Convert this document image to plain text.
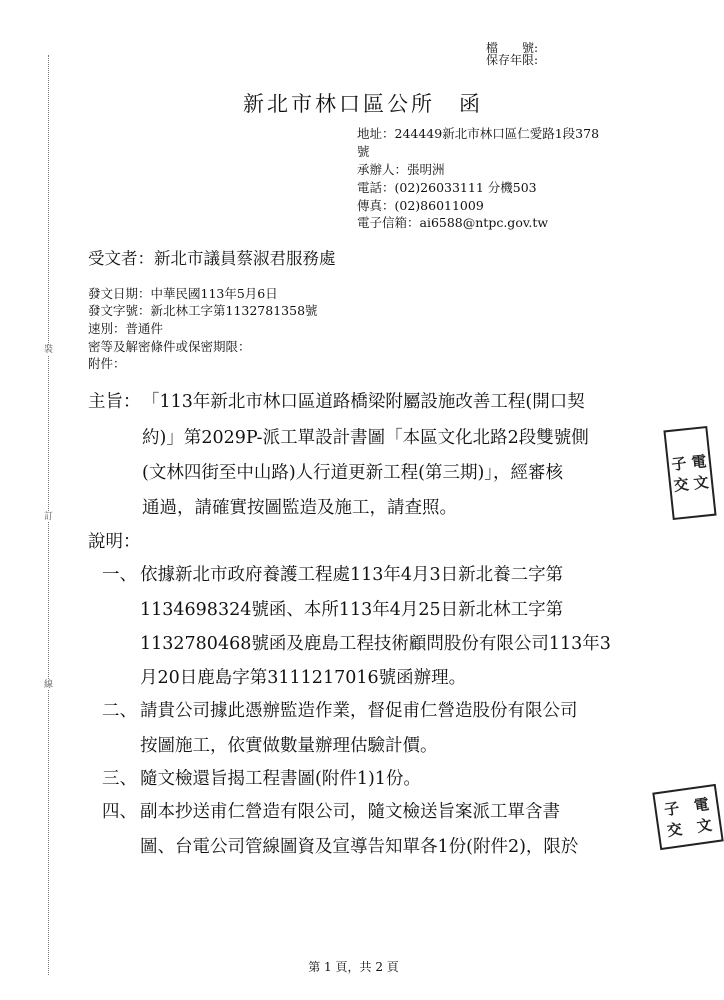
檔　　號:
保存年限:
裝
訂
線
新北市林口區公所　函
地址：244449新北市林口區仁愛路1段378
號
承辦人：張明洲
電話：(02)26033111 分機503
傳真：(02)86011009
電子信箱：ai6588@ntpc.gov.tw
受文者：新北市議員蔡淑君服務處
發文日期：中華民國113年5月6日
發文字號：新北林工字第1132781358號
速別：普通件
密等及解密條件或保密期限：
附件：
主旨： 「113年新北市林口區道路橋梁附屬設施改善工程(開口契
約)」第2029P-派工單設計書圖「本區文化北路2段雙號側
(文林四街至中山路)人行道更新工程(第三期)」，經審核
通過，請確實按圖監造及施工，請查照。
說明：
一、 依據新北市政府養護工程處113年4月3日新北養二字第
1134698324號函、本所113年4月25日新北林工字第
1132780468號函及鹿島工程技術顧問股份有限公司113年3
月20日鹿島字第3111217016號函辦理。
二、 請貴公司據此憑辦監造作業，督促甫仁營造股份有限公司
按圖施工，依實做數量辦理估驗計價。
三、 隨文檢還旨揭工程書圖(附件1)1份。
四、 副本抄送甫仁營造有限公司，隨文檢送旨案派工單含書
圖、台電公司管線圖資及宣導告知單各1份(附件2)，限於
子 電
交 文
子 電
交 文
第 1 頁，共 2 頁
